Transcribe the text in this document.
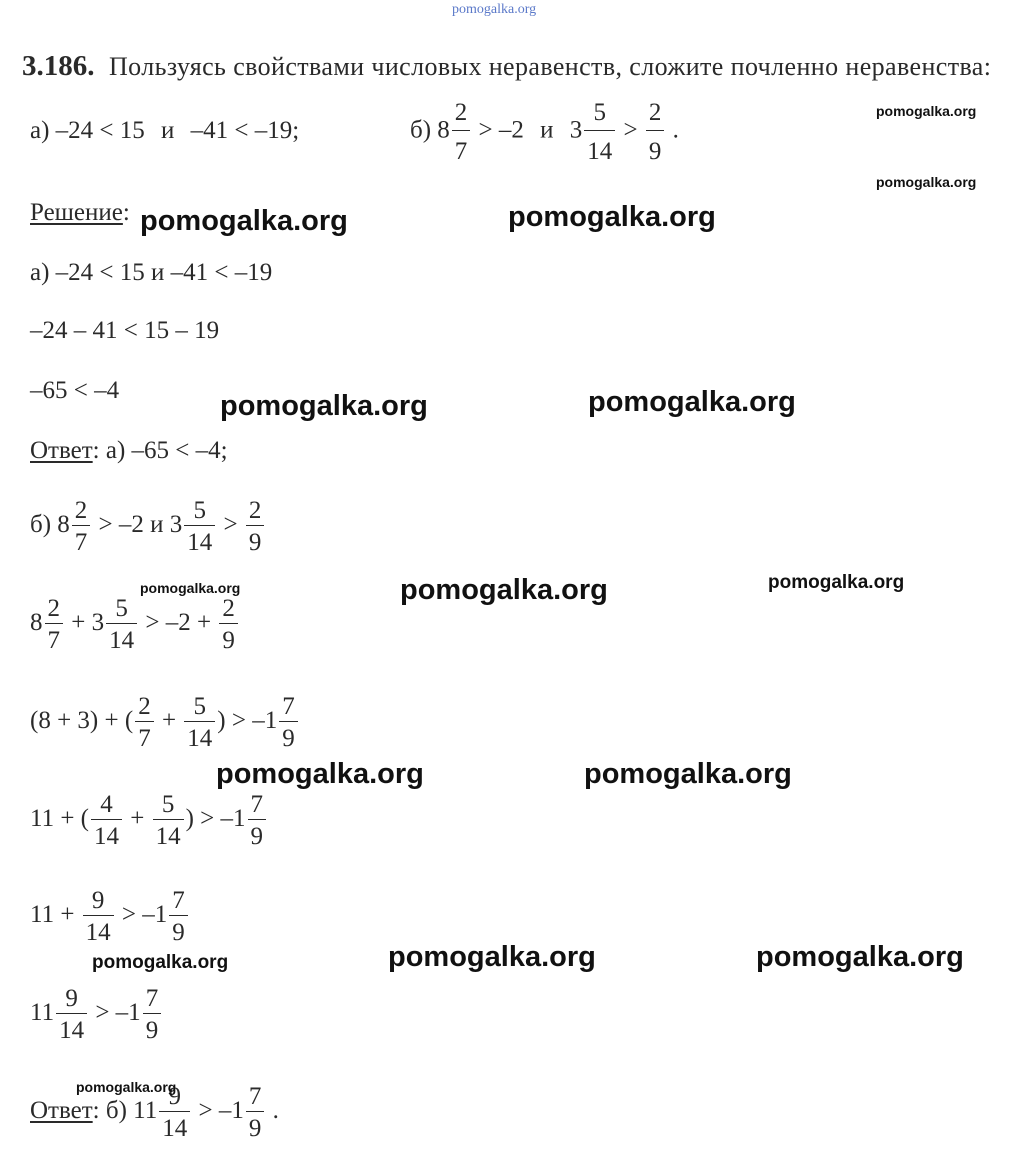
pomogalka.org
3.186. Пользуясь свойствами числовых неравенств, сложите почленно неравенства:
а) –24 < 15 и –41 < –19;	б) $8 \frac{2}{7} > -2$ и $3 \frac{5}{14} > \frac{2}{9}$ .
Решение:
а) –24 < 15 и –41 < –19
–24 – 41 < 15 – 19
–65 < –4
Ответ: а) –65 < –4;
б) $8 \frac{2}{7} > -2$ и $3 \frac{5}{14} > \frac{2}{9}$
$8 \frac{2}{7} + 3 \frac{5}{14} > -2 + \frac{2}{9}$
(8 + 3) + ( $\frac{2}{7} + \frac{5}{14}$ ) > $-1 \frac{7}{9}$
11 + ( $\frac{4}{14} + \frac{5}{14}$ ) > $-1 \frac{7}{9}$
$11 + \frac{9}{14} > -1 \frac{7}{9}$
$11 \frac{9}{14} > -1 \frac{7}{9}$
Ответ: б) $11 \frac{9}{14} > -1 \frac{7}{9}$ .
pomogalka.org
pomogalka.org
pomogalka.org	pomogalka.org
pomogalka.org	pomogalka.org
pomogalka.org	pomogalka.org	pomogalka.org
pomogalka.org	pomogalka.org
pomogalka.org	pomogalka.org	pomogalka.org
pomogalka.org
